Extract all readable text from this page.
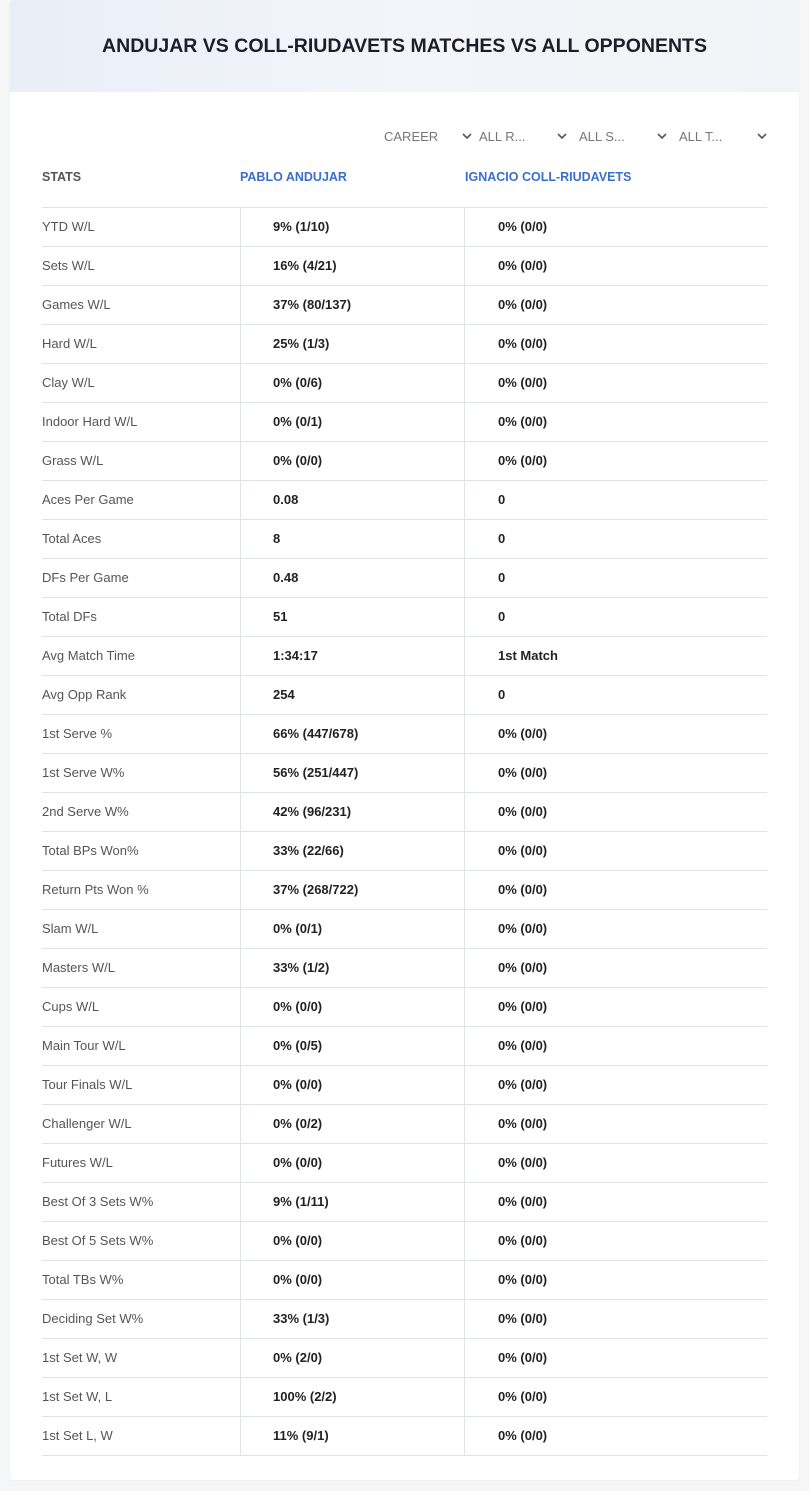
ANDUJAR VS COLL-RIUDAVETS MATCHES VS ALL OPPONENTS
CAREER	ALL R...	ALL S...	ALL T...
STATS	PABLO ANDUJAR	IGNACIO COLL-RIUDAVETS
YTD W/L	9% (1/10)	0% (0/0)
Sets W/L	16% (4/21)	0% (0/0)
Games W/L	37% (80/137)	0% (0/0)
Hard W/L	25% (1/3)	0% (0/0)
Clay W/L	0% (0/6)	0% (0/0)
Indoor Hard W/L	0% (0/1)	0% (0/0)
Grass W/L	0% (0/0)	0% (0/0)
Aces Per Game	0.08	0
Total Aces	8	0
DFs Per Game	0.48	0
Total DFs	51	0
Avg Match Time	1:34:17	1st Match
Avg Opp Rank	254	0
1st Serve %	66% (447/678)	0% (0/0)
1st Serve W%	56% (251/447)	0% (0/0)
2nd Serve W%	42% (96/231)	0% (0/0)
Total BPs Won%	33% (22/66)	0% (0/0)
Return Pts Won %	37% (268/722)	0% (0/0)
Slam W/L	0% (0/1)	0% (0/0)
Masters W/L	33% (1/2)	0% (0/0)
Cups W/L	0% (0/0)	0% (0/0)
Main Tour W/L	0% (0/5)	0% (0/0)
Tour Finals W/L	0% (0/0)	0% (0/0)
Challenger W/L	0% (0/2)	0% (0/0)
Futures W/L	0% (0/0)	0% (0/0)
Best Of 3 Sets W%	9% (1/11)	0% (0/0)
Best Of 5 Sets W%	0% (0/0)	0% (0/0)
Total TBs W%	0% (0/0)	0% (0/0)
Deciding Set W%	33% (1/3)	0% (0/0)
1st Set W, W	0% (2/0)	0% (0/0)
1st Set W, L	100% (2/2)	0% (0/0)
1st Set L, W	11% (9/1)	0% (0/0)
